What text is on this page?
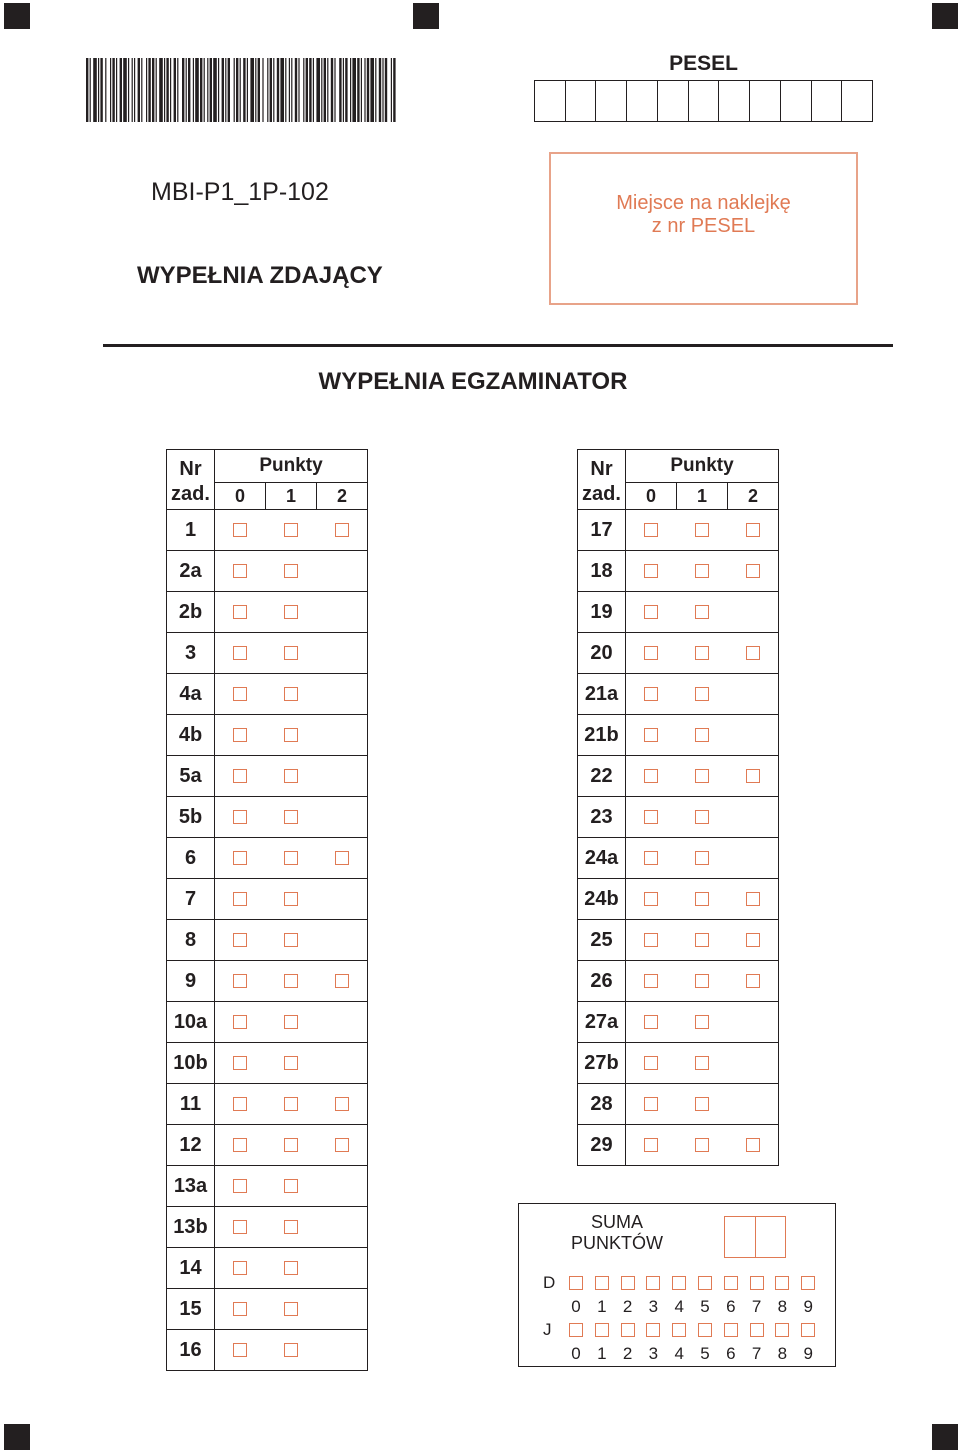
MBI-P1_1P-102
WYPEŁNIA ZDAJĄCY
PESEL
Miejsce na naklejkę
z nr PESEL
WYPEŁNIA EGZAMINATOR
Nr
zad.	Punkty		
	0	1	2
1			
2a			
2b			
3			
4a			
4b			
5a			
5b			
6			
7			
8			
9			
10a			
10b			
11			
12			
13a			
13b			
14			
15			
16			
Nr
zad.	Punkty		
	0	1	2
17			
18			
19			
20			
21a			
21b			
22			
23			
24a			
24b			
25			
26			
27a			
27b			
28			
29			
SUMA
PUNKTÓW
D
0 1 2 3 4 5 6 7 8 9
J
0 1 2 3 4 5 6 7 8 9
